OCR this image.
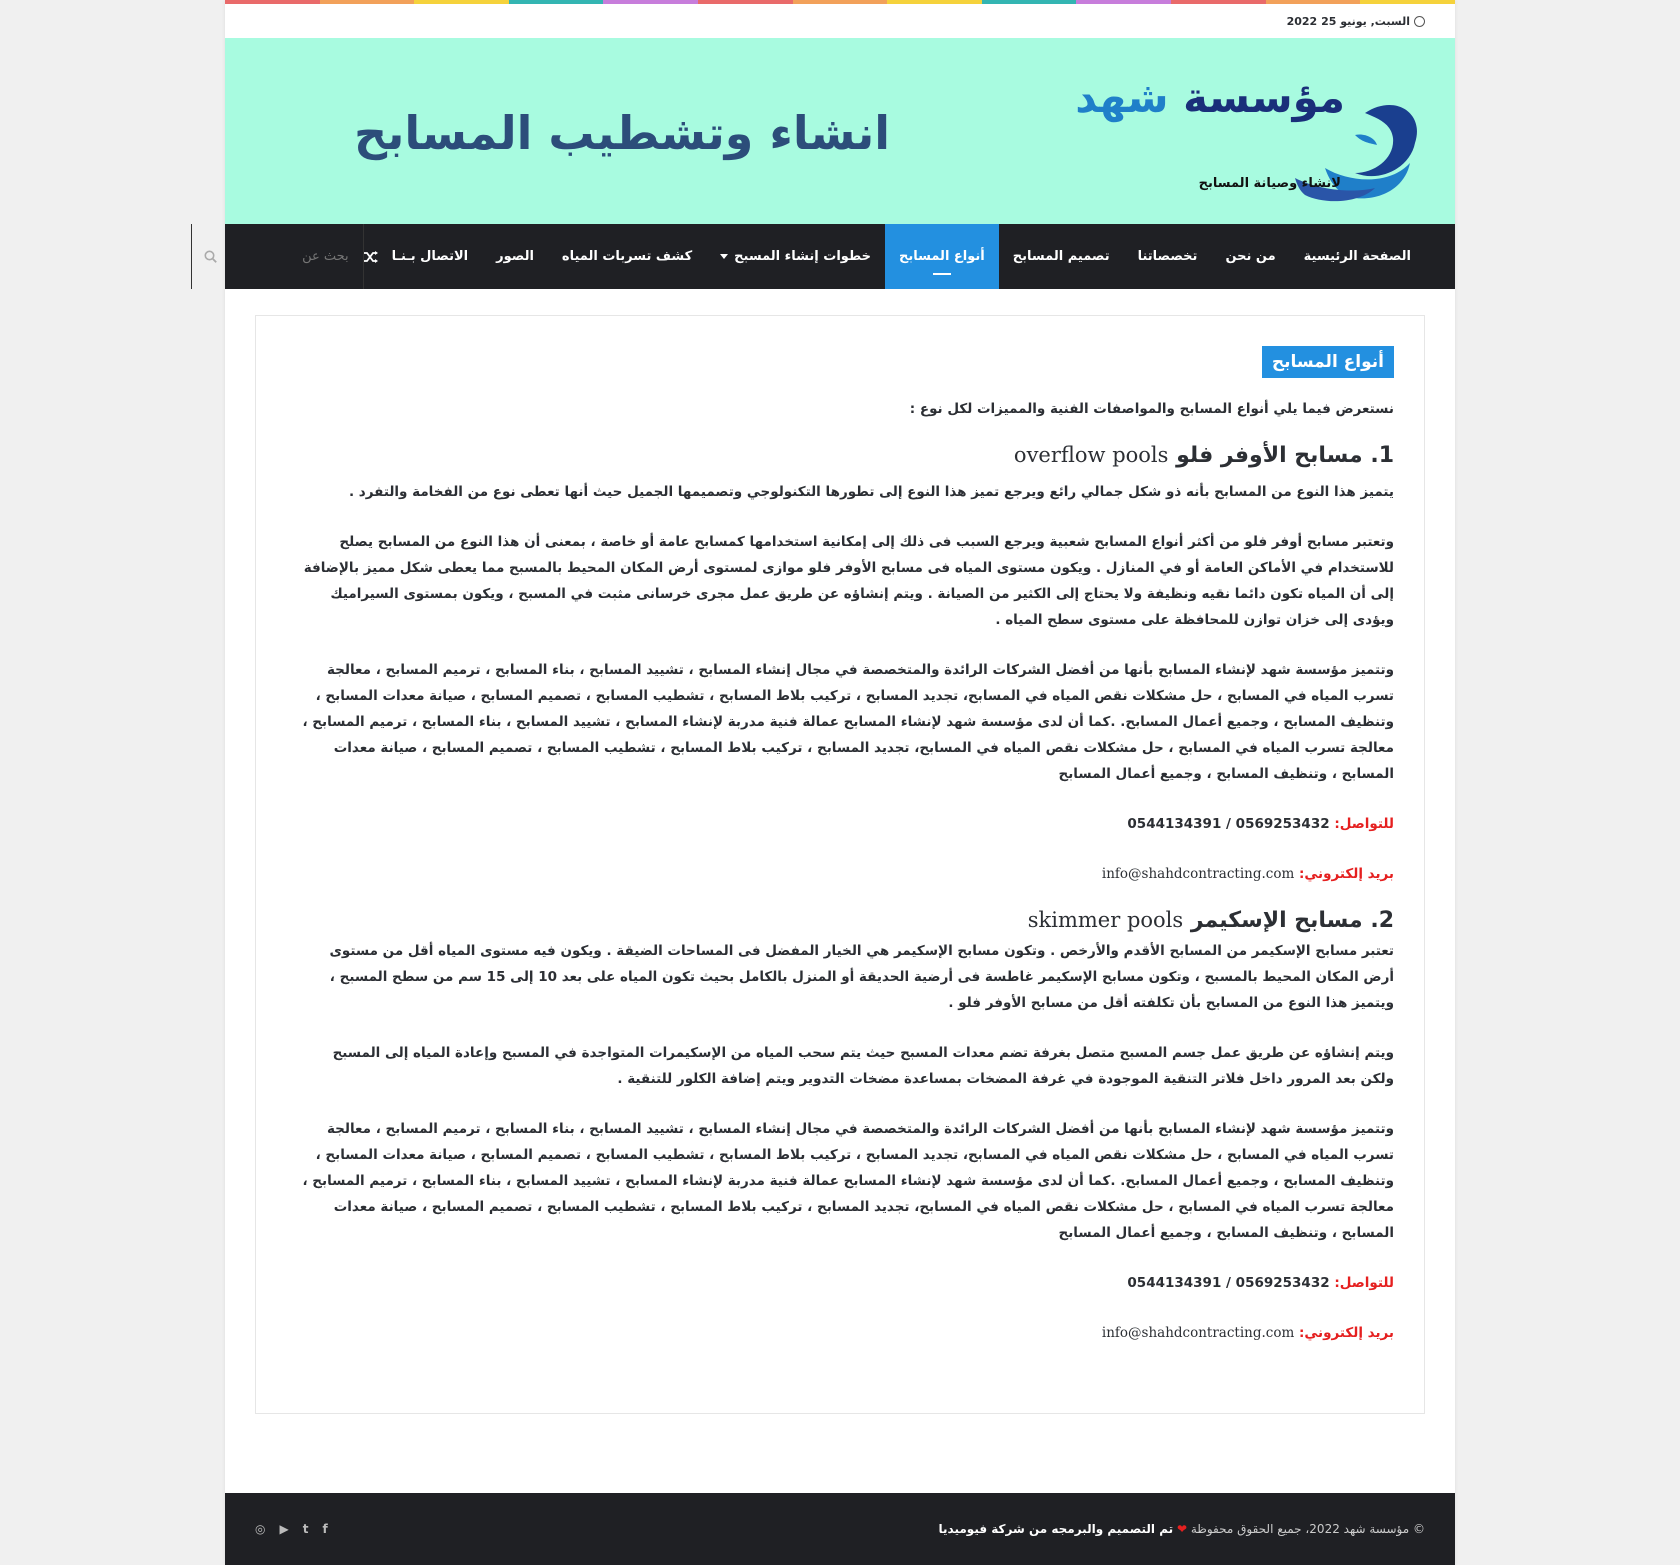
السبت, يونيو 25 2022
مؤسسة شهد
لانشاء وصيانة المسابح
انشاء وتشطيب المسابح
الصفحة الرئيسية
من نحن
تخصصاتنا
تصميم المسابح
أنواع المسابح
خطوات إنشاء المسبح
كشف تسربات المياه
الصور
الاتصال بـنـا
بحث عن
أنواع المسابح

نستعرض فيما يلي أنواع المسابح والمواصفات الفنية والمميزات لكل نوع :

1. مسابح الأوفر فلو overflow pools

يتميز هذا النوع من المسابح بأنه ذو شكل جمالي رائع ويرجع تميز هذا النوع إلى تطورها التكنولوجي وتصميمها الجميل حيث أنها تعطى نوع من الفخامة والتفرد .

وتعتبر مسابح أوفر فلو من أكثر أنواع المسابح شعبية ويرجع السبب فى ذلك إلى إمكانية استخدامها كمسابح عامة أو خاصة ، بمعنى أن هذا النوع من المسابح يصلح للاستخدام في الأماكن العامة أو في المنازل . ويكون مستوى المياه فى مسابح الأوفر فلو موازى لمستوى أرض المكان المحيط بالمسبح مما يعطى شكل مميز بالإضافة إلى أن المياه تكون دائما نقيه ونظيفة ولا يحتاج إلى الكثير من الصيانة . ويتم إنشاؤه عن طريق عمل مجرى خرسانى مثبت في المسبح ، ويكون بمستوى السيراميك ويؤدى إلى خزان توازن للمحافظة على مستوى سطح المياه .

وتتميز مؤسسة شهد لإنشاء المسابح بأنها من أفضل الشركات الرائدة والمتخصصة في مجال إنشاء المسابح ، تشييد المسابح ، بناء المسابح ، ترميم المسابح ، معالجة تسرب المياه في المسابح ، حل مشكلات نقص المياه في المسابح، تجديد المسابح ، تركيب بلاط المسابح ، تشطيب المسابح ، تصميم المسابح ، صيانة معدات المسابح ، وتنظيف المسابح ، وجميع أعمال المسابح. .كما أن لدى مؤسسة شهد لإنشاء المسابح عمالة فنية مدربة لإنشاء المسابح ، تشييد المسابح ، بناء المسابح ، ترميم المسابح ، معالجة تسرب المياه في المسابح ، حل مشكلات نقص المياه في المسابح، تجديد المسابح ، تركيب بلاط المسابح ، تشطيب المسابح ، تصميم المسابح ، صيانة معدات المسابح ، وتنظيف المسابح ، وجميع أعمال المسابح

للتواصل: 0544134391 / 0569253432

بريد إلكتروني: info@shahdcontracting.com

2. مسابح الإسكيمر skimmer pools

تعتبر مسابح الإسكيمر من المسابح الأقدم والأرخص . وتكون مسابح الإسكيمر هي الخيار المفضل فى المساحات الضيقة . ويكون فيه مستوى المياه أقل من مستوى أرض المكان المحيط بالمسبح ، وتكون مسابح الإسكيمر غاطسة فى أرضية الحديقة أو المنزل بالكامل بحيث تكون المياه على بعد 10 إلى 15 سم من سطح المسبح ، ويتميز هذا النوع من المسابح بأن تكلفته أقل من مسابح الأوفر فلو .

ويتم إنشاؤه عن طريق عمل جسم المسبح متصل بغرفة تضم معدات المسبح حيث يتم سحب المياه من الإسكيمرات المتواجدة في المسبح وإعادة المياه إلى المسبح ولكن بعد المرور داخل فلاتر التنقية الموجودة في غرفة المضخات بمساعدة مضخات التدوير ويتم إضافة الكلور للتنقية .

وتتميز مؤسسة شهد لإنشاء المسابح بأنها من أفضل الشركات الرائدة والمتخصصة في مجال إنشاء المسابح ، تشييد المسابح ، بناء المسابح ، ترميم المسابح ، معالجة تسرب المياه في المسابح ، حل مشكلات نقص المياه في المسابح، تجديد المسابح ، تركيب بلاط المسابح ، تشطيب المسابح ، تصميم المسابح ، صيانة معدات المسابح ، وتنظيف المسابح ، وجميع أعمال المسابح. .كما أن لدى مؤسسة شهد لإنشاء المسابح عمالة فنية مدربة لإنشاء المسابح ، تشييد المسابح ، بناء المسابح ، ترميم المسابح ، معالجة تسرب المياه في المسابح ، حل مشكلات نقص المياه في المسابح، تجديد المسابح ، تركيب بلاط المسابح ، تشطيب المسابح ، تصميم المسابح ، صيانة معدات المسابح ، وتنظيف المسابح ، وجميع أعمال المسابح

للتواصل: 0544134391 / 0569253432

بريد إلكتروني: info@shahdcontracting.com

© مؤسسة شهد 2022، جميع الحقوق محفوظة ❤ تم التصميم والبرمجه من شركة فيوميديا
◎ ▶ t f
